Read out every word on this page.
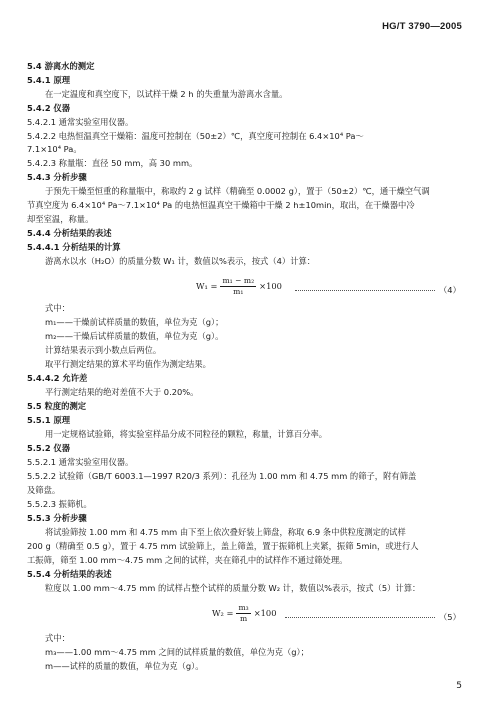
HG/T 3790—2005
5.4 游离水的测定
5.4.1 原理
在一定温度和真空度下，以试样干燥 2 h 的失重量为游离水含量。
5.4.2 仪器
5.4.2.1 通常实验室用仪器。
5.4.2.2 电热恒温真空干燥箱：温度可控制在（50±2）℃，真空度可控制在 6.4×10⁴ Pa～
7.1×10⁴ Pa。
5.4.2.3 称量瓶：直径 50 mm，高 30 mm。
5.4.3 分析步骤
于预先干燥至恒重的称量瓶中，称取约 2 g 试样（精确至 0.0002 g），置于（50±2）℃，通干燥空气调
节真空度为 6.4×10⁴ Pa～7.1×10⁴ Pa 的电热恒温真空干燥箱中干燥 2 h±10min，取出，在干燥器中冷
却至室温，称量。
5.4.4 分析结果的表述
5.4.4.1 分析结果的计算
游离水以水（H₂O）的质量分数 W₁ 计，数值以%表示，按式（4）计算：
$W_1 = \frac{\text{m₁ − m₂}}{\text{m₁}} \times 100$	（4）
式中：
m₁——干燥前试样质量的数值，单位为克（g）；
m₂——干燥后试样质量的数值，单位为克（g）。
计算结果表示到小数点后两位。
取平行测定结果的算术平均值作为测定结果。
5.4.4.2 允许差
平行测定结果的绝对差值不大于 0.20%。
5.5 粒度的测定
5.5.1 原理
用一定规格试验筛，将实验室样品分成不同粒径的颗粒，称量，计算百分率。
5.5.2 仪器
5.5.2.1 通常实验室用仪器。
5.5.2.2 试验筛（GB/T 6003.1—1997 R20/3 系列）：孔径为 1.00 mm 和 4.75 mm 的筛子，附有筛盖
及筛盘。
5.5.2.3 振筛机。
5.5.3 分析步骤
将试验筛按 1.00 mm 和 4.75 mm 由下至上依次叠好装上筛盘，称取 6.9 条中供粒度测定的试样
200 g（精确至 0.5 g），置于 4.75 mm 试验筛上，盖上筛盖，置于振筛机上夹紧，振筛 5min，或进行人
工振筛，筛至 1.00 mm～4.75 mm 之间的试样，夹在筛孔中的试样作不通过筛处理。
5.5.4 分析结果的表述
粒度以 1.00 mm～4.75 mm 的试样占整个试样的质量分数 W₂ 计，数值以%表示，按式（5）计算：
$W_2 = \frac{\text{m₃}}{m} \times 100$	（5）
式中：
m₃——1.00 mm～4.75 mm 之间的试样质量的数值，单位为克（g）；
m——试样的质量的数值，单位为克（g）。
5
